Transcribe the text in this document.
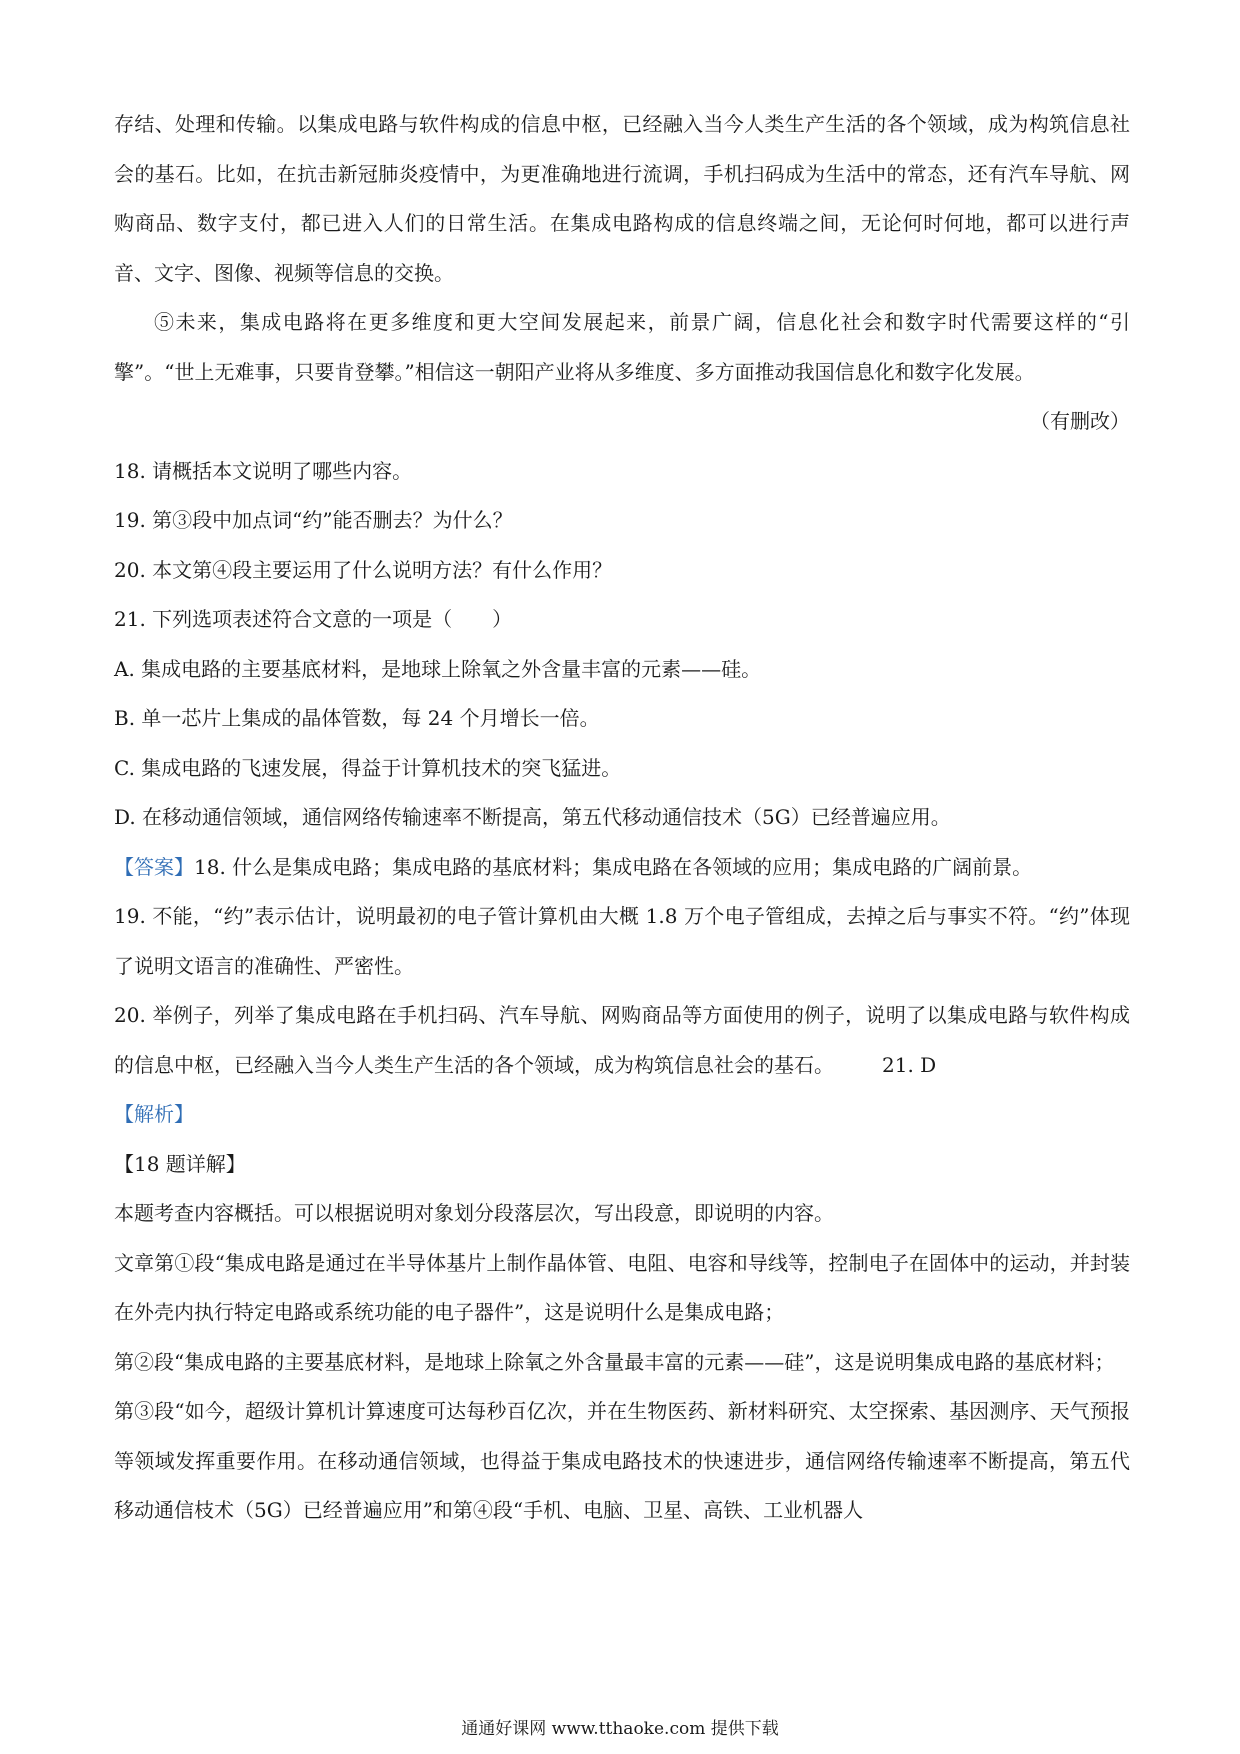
存结、处理和传输。以集成电路与软件构成的信息中枢，已经融入当今人类生产生活的各个领域，成为构筑信息社会的基石。比如，在抗击新冠肺炎疫情中，为更准确地进行流调，手机扫码成为生活中的常态，还有汽车导航、网购商品、数字支付，都已进入人们的日常生活。在集成电路构成的信息终端之间，无论何时何地，都可以进行声音、文字、图像、视频等信息的交换。

⑤未来，集成电路将在更多维度和更大空间发展起来，前景广阔，信息化社会和数字时代需要这样的“引擎”。“世上无难事，只要肯登攀。”相信这一朝阳产业将从多维度、多方面推动我国信息化和数字化发展。

（有删改）

18. 请概括本文说明了哪些内容。

19. 第③段中加点词“约”能否删去？为什么？

20. 本文第④段主要运用了什么说明方法？有什么作用？

21. 下列选项表述符合文意的一项是（　　）

A. 集成电路的主要基底材料，是地球上除氧之外含量丰富的元素——硅。

B. 单一芯片上集成的晶体管数，每 24 个月增长一倍。

C. 集成电路的飞速发展，得益于计算机技术的突飞猛进。

D. 在移动通信领域，通信网络传输速率不断提高，第五代移动通信技术（5G）已经普遍应用。

【答案】18. 什么是集成电路；集成电路的基底材料；集成电路在各领域的应用；集成电路的广阔前景。

19. 不能，“约”表示估计，说明最初的电子管计算机由大概 1.8 万个电子管组成，去掉之后与事实不符。“约”体现了说明文语言的准确性、严密性。

20. 举例子，列举了集成电路在手机扫码、汽车导航、网购商品等方面使用的例子，说明了以集成电路与软件构成的信息中枢，已经融入当今人类生产生活的各个领域，成为构筑信息社会的基石。 21. D

【解析】

【18 题详解】

本题考查内容概括。可以根据说明对象划分段落层次，写出段意，即说明的内容。

文章第①段“集成电路是通过在半导体基片上制作晶体管、电阻、电容和导线等，控制电子在固体中的运动，并封装在外壳内执行特定电路或系统功能的电子器件”，这是说明什么是集成电路；

第②段“集成电路的主要基底材料，是地球上除氧之外含量最丰富的元素——硅”，这是说明集成电路的基底材料；

第③段“如今，超级计算机计算速度可达每秒百亿次，并在生物医药、新材料研究、太空探索、基因测序、天气预报等领域发挥重要作用。在移动通信领域，也得益于集成电路技术的快速进步，通信网络传输速率不断提高，第五代移动通信枝术（5G）已经普遍应用”和第④段“手机、电脑、卫星、高铁、工业机器人

通通好课网 www.tthaoke.com 提供下载
